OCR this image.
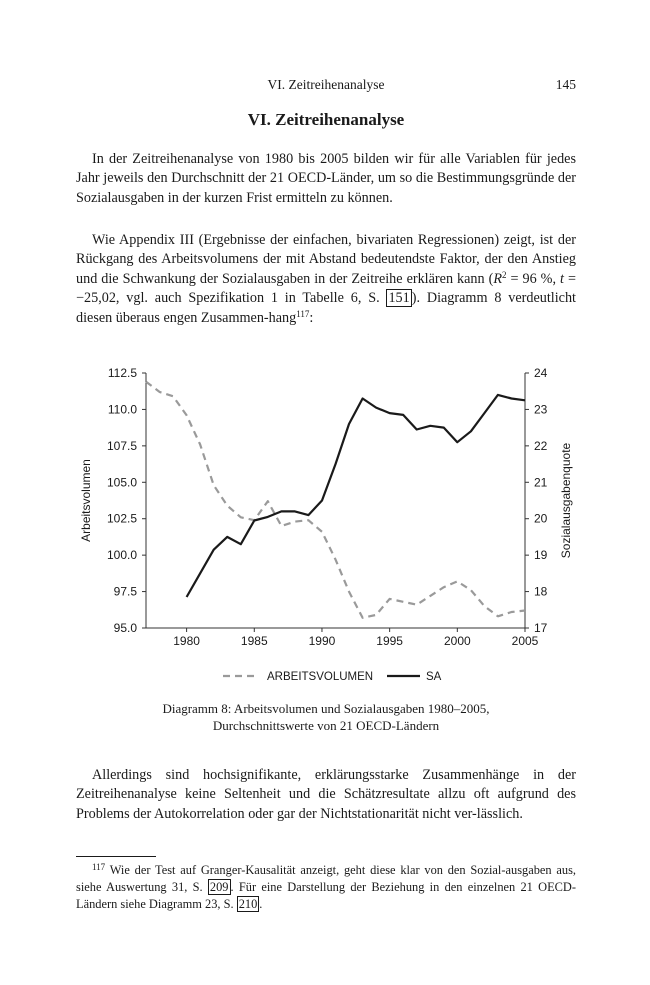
VI. Zeitreihenanalyse	145
VI. Zeitreihenanalyse

In der Zeitreihenanalyse von 1980 bis 2005 bilden wir für alle Variablen für jedes Jahr jeweils den Durchschnitt der 21 OECD-Länder, um so die Bestimmungsgründe der Sozialausgaben in der kurzen Frist ermitteln zu können.

Wie Appendix III (Ergebnisse der einfachen, bivariaten Regressionen) zeigt, ist der Rückgang des Arbeitsvolumens der mit Abstand bedeutendste Faktor, der den Anstieg und die Schwankung der Sozialausgaben in der Zeitreihe erklären kann ($R^2 = 96$ %, t = −25,02, vgl. auch Spezifikation 1 in Tabelle 6, S. 151 ). Diagramm 8 verdeutlicht diesen überaus engen Zusammen-hang$^{117}$:

95.0
97.5
100.0
102.5
105.0
107.5
110.0
112.5
17
18
19
20
21
22
23
24
1980	1985	1990	1995	2000	2005
Arbeitsvolumen	Sozialausgabenquote
ARBEITSVOLUMEN	SA
Diagramm 8: Arbeitsvolumen und Sozialausgaben 1980–2005,
Durchschnittswerte von 21 OECD-Ländern

Allerdings sind hochsignifikante, erklärungsstarke Zusammenhänge in der Zeitreihenanalyse keine Seltenheit und die Schätzresultate allzu oft aufgrund des Problems der Autokorrelation oder gar der Nichtstationarität nicht ver-lässlich.

$^{117}$ Wie der Test auf Granger-Kausalität anzeigt, geht diese klar von den Sozial-ausgaben aus, siehe Auswertung 31, S. 209 . Für eine Darstellung der Beziehung in den einzelnen 21 OECD-Ländern siehe Diagramm 23, S. 210 .
